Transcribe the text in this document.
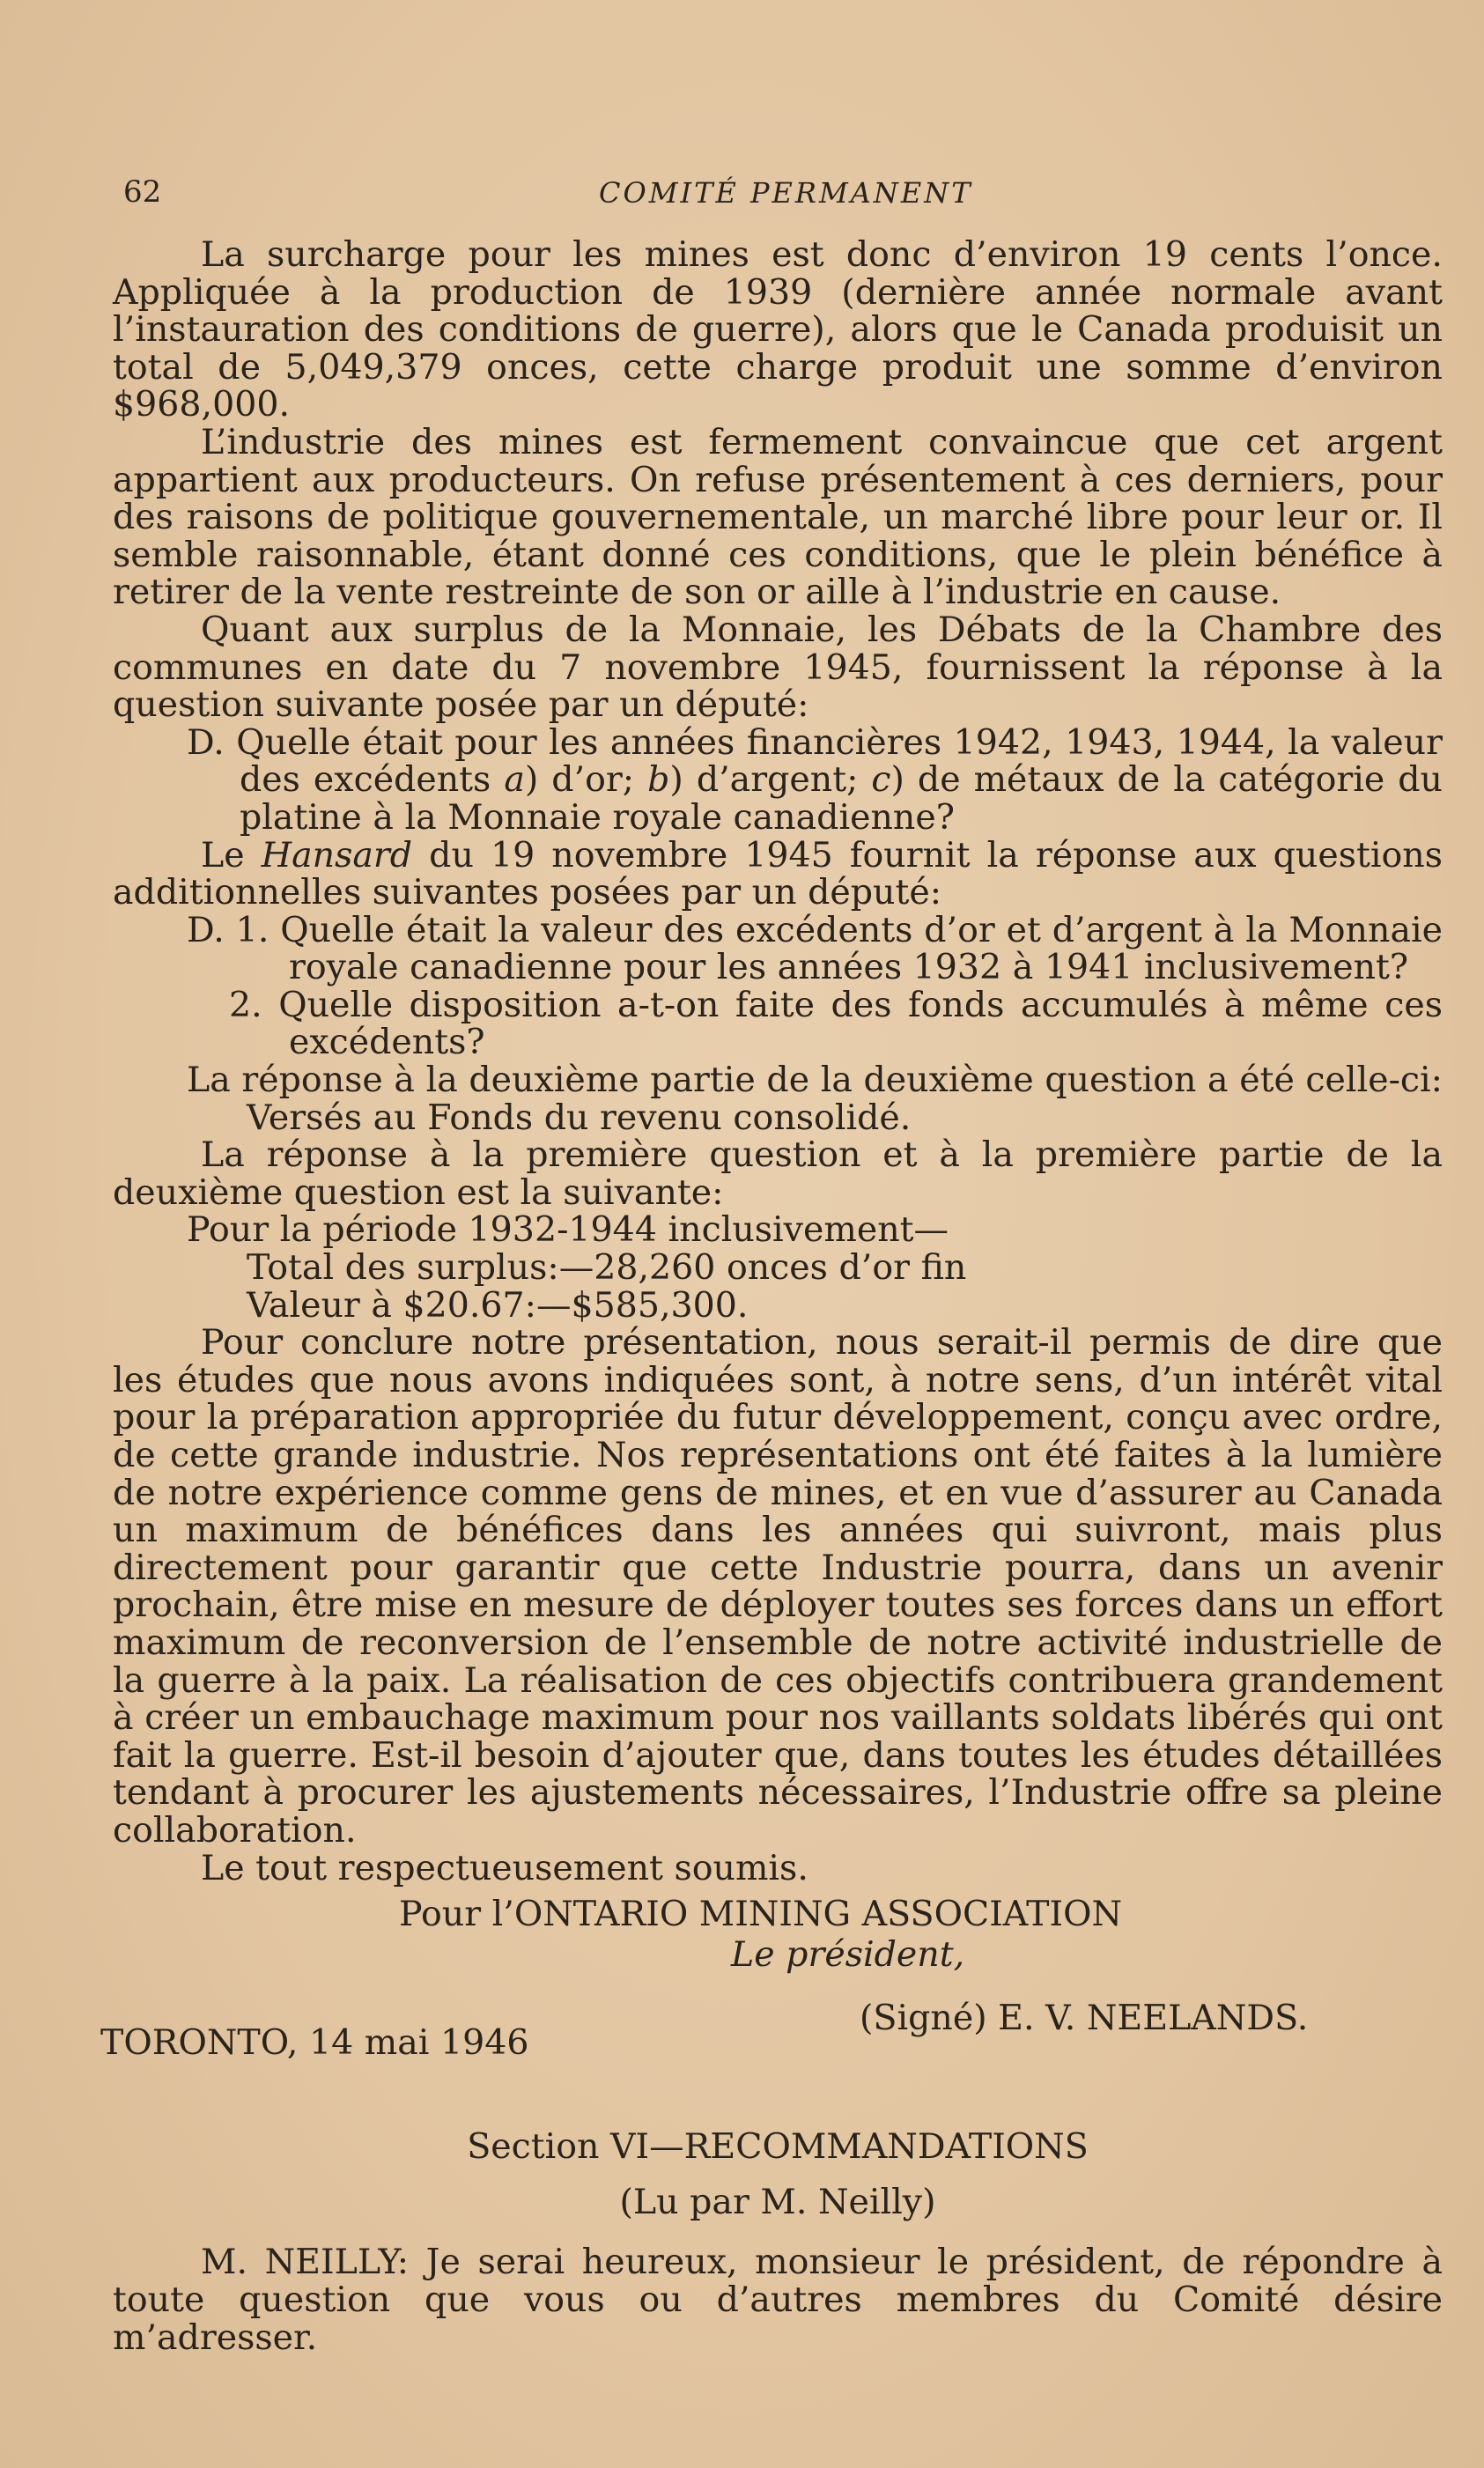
62	COMITÉ PERMANENT

La surcharge pour les mines est donc d’environ 19 cents l’once. Appliquée à la production de 1939 (dernière année normale avant l’instauration des conditions de guerre), alors que le Canada produisit un total de 5,049,379 onces, cette charge produit une somme d’environ $968,000.

L’industrie des mines est fermement convaincue que cet argent appartient aux producteurs. On refuse présentement à ces derniers, pour des raisons de politique gouvernementale, un marché libre pour leur or. Il semble raisonnable, étant donné ces conditions, que le plein bénéfice à retirer de la vente restreinte de son or aille à l’industrie en cause.

Quant aux surplus de la Monnaie, les Débats de la Chambre des communes en date du 7 novembre 1945, fournissent la réponse à la question suivante posée par un député:

D. Quelle était pour les années financières 1942, 1943, 1944, la valeur des excédents a) d’or; b) d’argent; c) de métaux de la catégorie du platine à la Monnaie royale canadienne?

Le Hansard du 19 novembre 1945 fournit la réponse aux questions additionnelles suivantes posées par un député:

D. 1. Quelle était la valeur des excédents d’or et d’argent à la Monnaie royale canadienne pour les années 1932 à 1941 inclusivement?

2. Quelle disposition a-t-on faite des fonds accumulés à même ces excédents?

La réponse à la deuxième partie de la deuxième question a été celle-ci: Versés au Fonds du revenu consolidé.

La réponse à la première question et à la première partie de la deuxième question est la suivante:

Pour la période 1932-1944 inclusivement—

Total des surplus:—28,260 onces d’or fin

Valeur à $20.67:—$585,300.

Pour conclure notre présentation, nous serait-il permis de dire que les études que nous avons indiquées sont, à notre sens, d’un intérêt vital pour la préparation appropriée du futur développement, conçu avec ordre, de cette grande industrie. Nos représentations ont été faites à la lumière de notre expérience comme gens de mines, et en vue d’assurer au Canada un maximum de bénéfices dans les années qui suivront, mais plus directement pour garantir que cette Industrie pourra, dans un avenir prochain, être mise en mesure de déployer toutes ses forces dans un effort maximum de reconversion de l’ensemble de notre activité industrielle de la guerre à la paix. La réalisation de ces objectifs contribuera grandement à créer un embauchage maximum pour nos vaillants soldats libérés qui ont fait la guerre. Est-il besoin d’ajouter que, dans toutes les études détaillées tendant à procurer les ajustements nécessaires, l’Industrie offre sa pleine collaboration.

Le tout respectueusement soumis.

Pour l’ONTARIO MINING ASSOCIATION
Le président,
(Signé) E. V. NEELANDS.
TORONTO, 14 mai 1946

Section VI—RECOMMANDATIONS

(Lu par M. Neilly)

M. NEILLY: Je serai heureux, monsieur le président, de répondre à toute question que vous ou d’autres membres du Comité désire m’adresser.
